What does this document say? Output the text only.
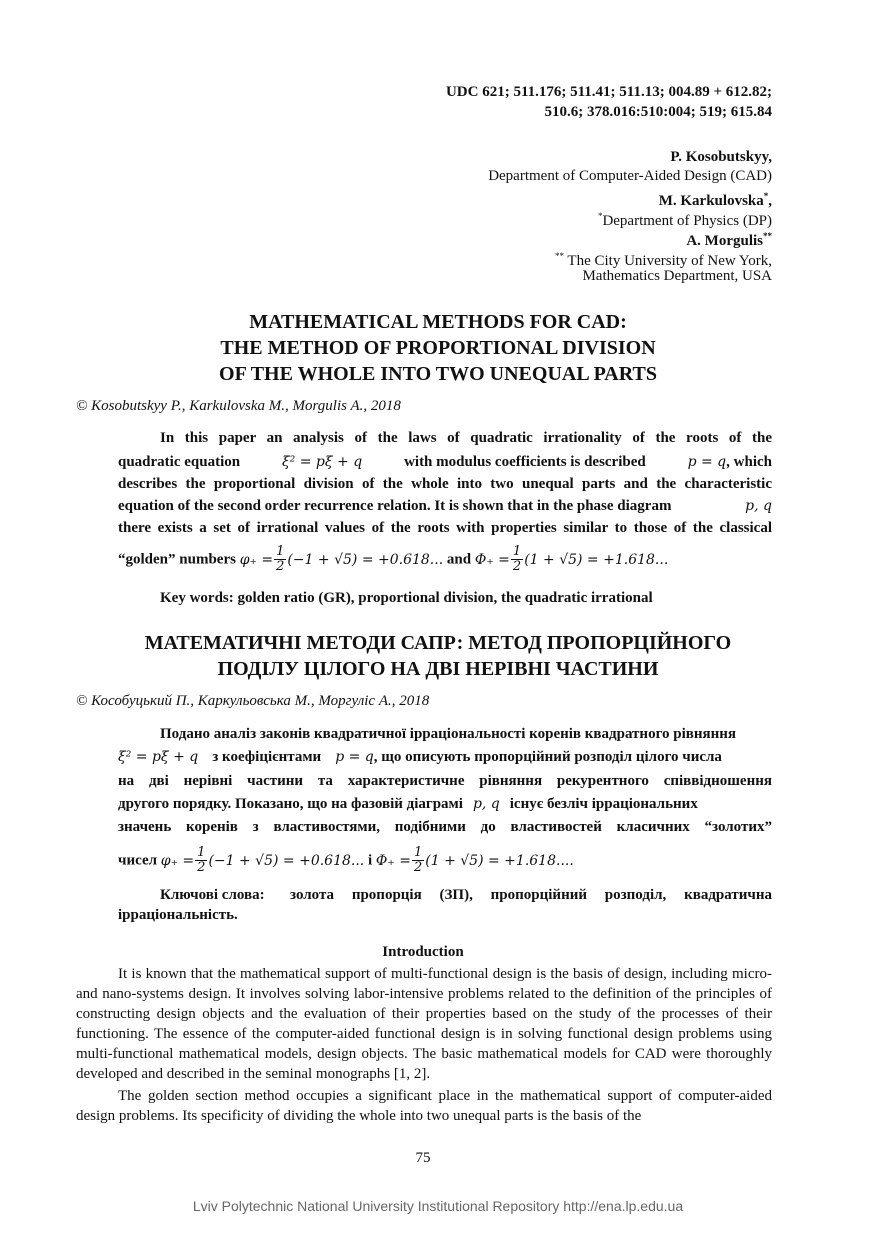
UDC 621; 511.176; 511.41; 511.13; 004.89 + 612.82;
510.6; 378.016:510:004; 519; 615.84
P. Kosobutskyy,
Department of Computer-Aided Design (CAD)
M. Karkulovska*,
*Department of Physics (DP)
A. Morgulis**
** The City University of New York,
Mathematics Department, USA
MATHEMATICAL METHODS FOR CAD:
THE METHOD OF PROPORTIONAL DIVISION
OF THE WHOLE INTO TWO UNEQUAL PARTS
© Kosobutskyy P., Karkulovska M., Morgulis A., 2018
In this paper an analysis of the laws of quadratic irrationality of the roots of the
quadratic equation	ξ² = pξ + q	with modulus coefficients is described	p = q, which
describes the proportional division of the whole into two unequal parts and the characteristic
equation of the second order recurrence relation. It is shown that in the phase diagram	p, q
there exists a set of irrational values of the roots with properties similar to those of the classical
“golden” numbers $\varphi_+ = \frac{1}{2} (-1 + √5) = +0.618$... and $\Phi_+ = \frac{1}{2} (1 + √5) = +1.618$...
Key words: golden ratio (GR), proportional division, the quadratic irrational
МАТЕМАТИЧНІ МЕТОДИ САПР: МЕТОД ПРОПОРЦІЙНОГО
ПОДІЛУ ЦІЛОГО НА ДВІ НЕРІВНІ ЧАСТИНИ
© Кособуцький П., Каркульовська М., Моргуліс А., 2018
Подано аналіз законів квадратичної ірраціональності коренів квадратного рівняння
ξ² = pξ + q з коефіцієнтами p = q, що описують пропорційний розподіл цілого числа
на дві нерівні частини та характеристичне рівняння рекурентного співвідношення
другого порядку. Показано, що на фазовій діаграмі p, q існує безліч ірраціональних
значень коренів з властивостями, подібними до властивостей класичних “золотих”
чисел $\varphi_+ = \frac{1}{2} (-1 + √5) = +0.618$... і $\Phi_+ = \frac{1}{2} (1 + √5) = +1.618$....
Ключові слова: золота пропорція (ЗП), пропорційний розподіл, квадратична
ірраціональність.
Introduction
It is known that the mathematical support of multi-functional design is the basis of design, including micro-and nano-systems design. It involves solving labor-intensive problems related to the definition of the principles of constructing design objects and the evaluation of their properties based on the study of the processes of their functioning. The essence of the computer-aided functional design is in solving functional design problems using multi-functional mathematical models, design objects. The basic mathematical models for CAD were thoroughly developed and described in the seminal monographs [1, 2].
The golden section method occupies a significant place in the mathematical support of computer-aided design problems. Its specificity of dividing the whole into two unequal parts is the basis of the
75
Lviv Polytechnic National University Institutional Repository http://ena.lp.edu.ua
